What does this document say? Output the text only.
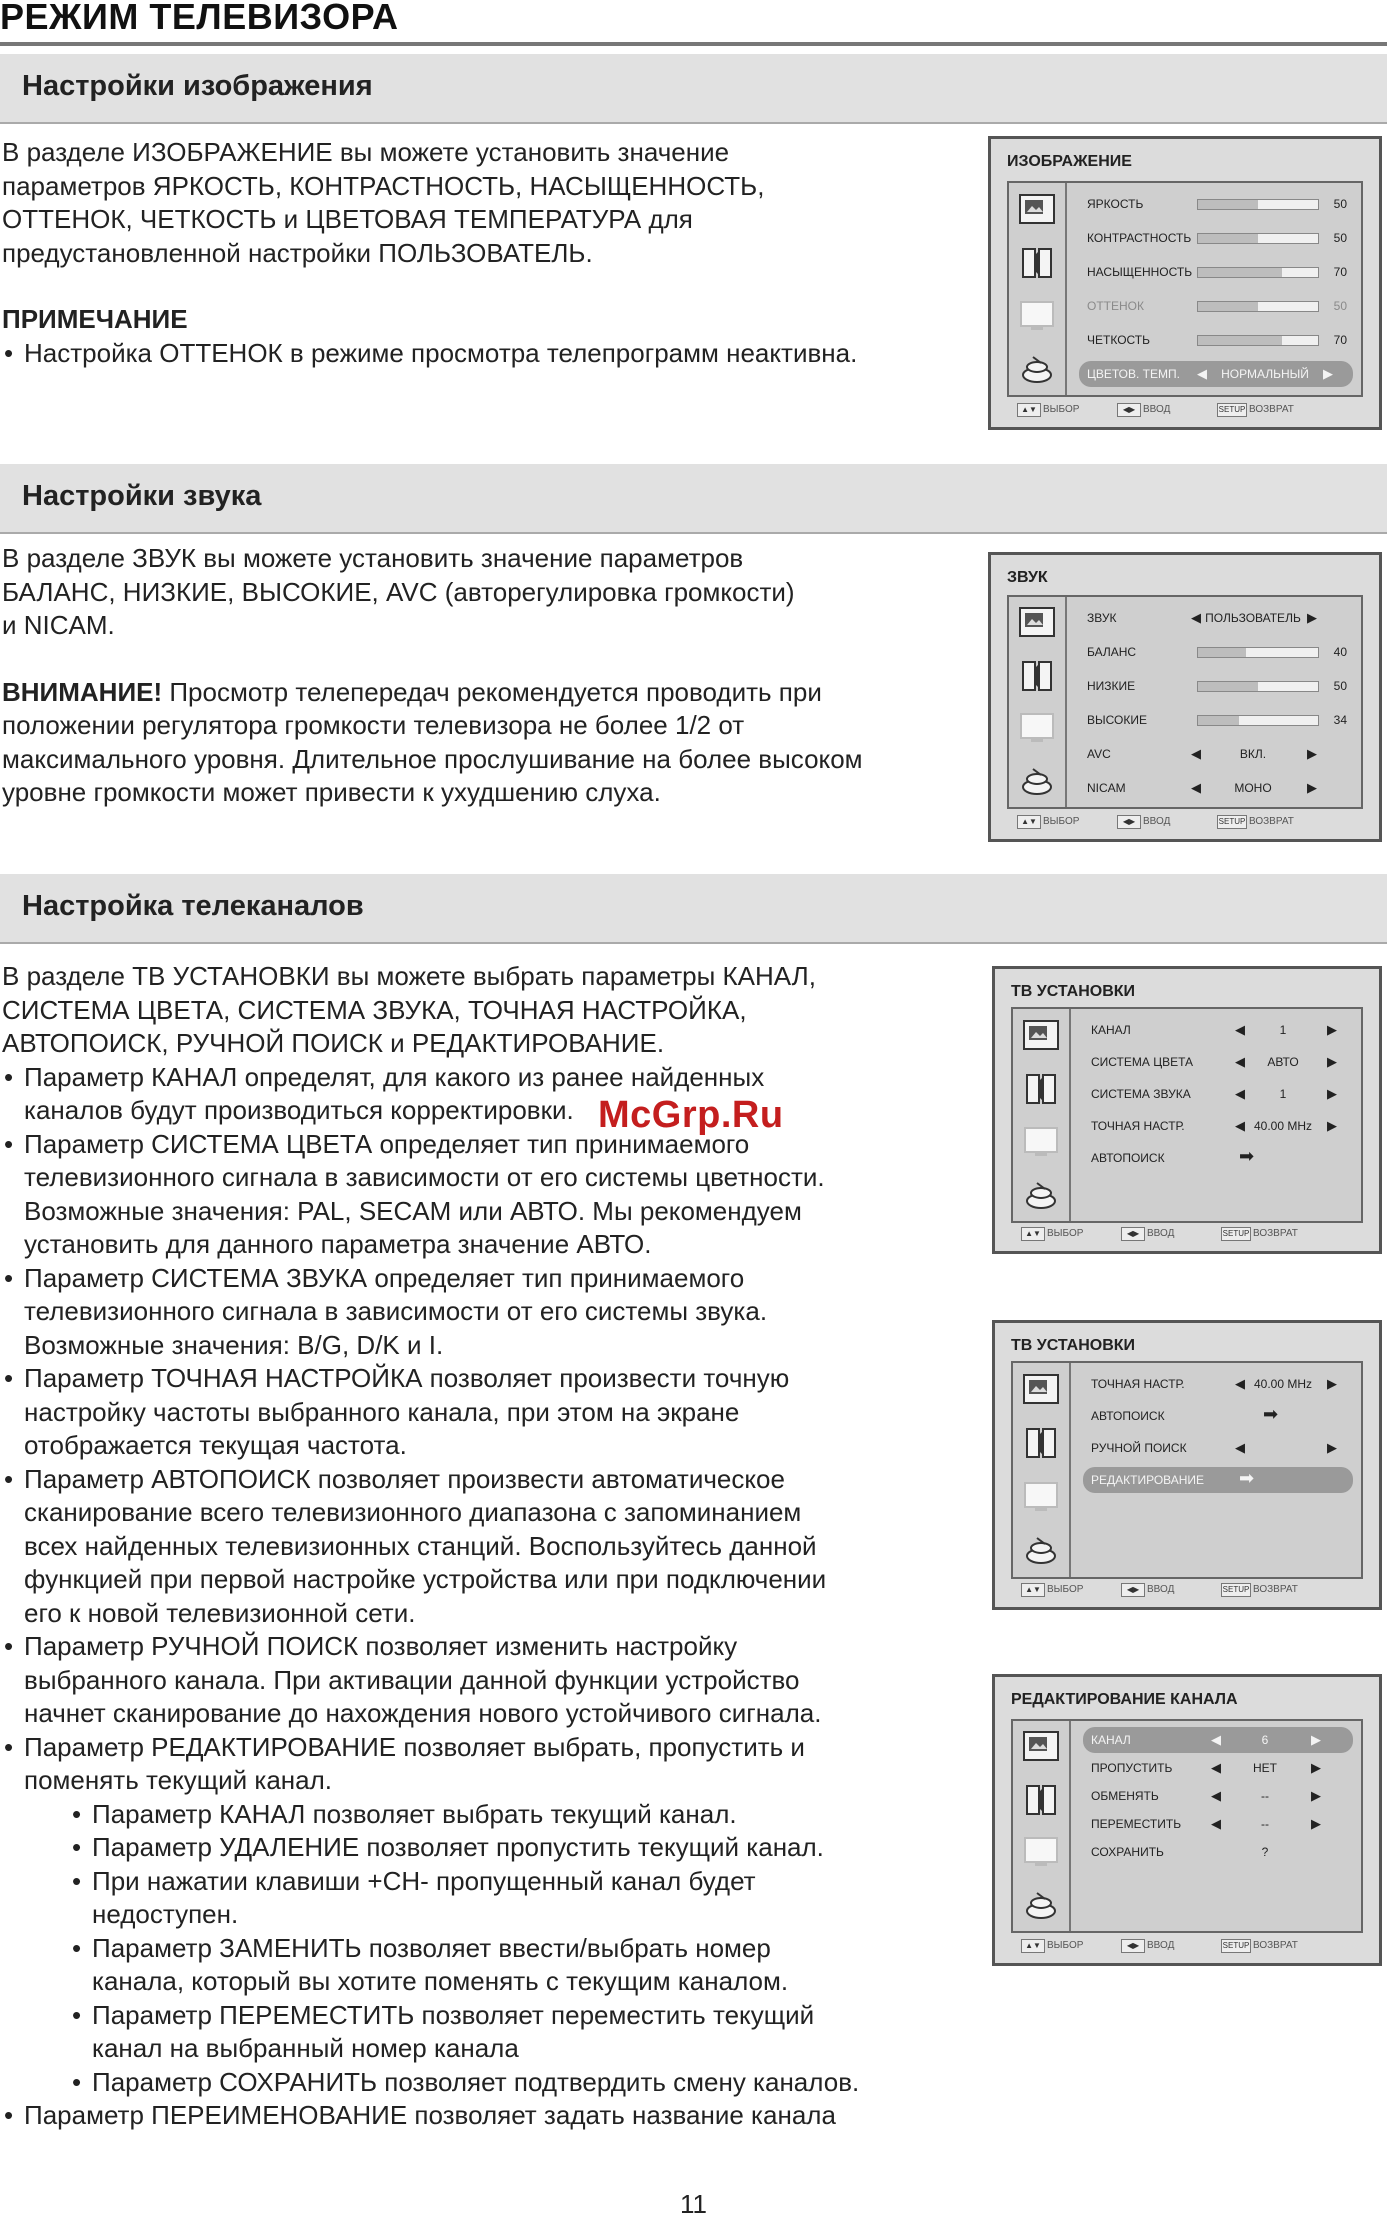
РЕЖИМ ТЕЛЕВИЗОРА
Настройки изображения

В разделе ИЗОБРАЖЕНИЕ вы можете установить значение

параметров ЯРКОСТЬ, КОНТРАСТНОСТЬ, НАСЫЩЕННОСТЬ,

ОТТЕНОК, ЧЕТКОСТЬ и ЦВЕТОВАЯ ТЕМПЕРАТУРА для

предустановленной настройки ПОЛЬЗОВАТЕЛЬ.

ПРИМЕЧАНИЕ

• Настройка ОТТЕНОК в режиме просмотра телепрограмм неактивна.

Настройки звука

В разделе ЗВУК вы можете установить значение параметров

БАЛАНС, НИЗКИЕ, ВЫСОКИЕ, AVC (авторегулировка громкости)

и NICAM.

ВНИМАНИЕ! Просмотр телепередач рекомендуется проводить при

положении регулятора громкости телевизора не более 1/2 от

максимального уровня. Длительное прослушивание на более высоком

уровне громкости может привести к ухудшению слуха.

Настройка телеканалов

В разделе ТВ УСТАНОВКИ вы можете выбрать параметры КАНАЛ,

СИСТЕМА ЦВЕТА, СИСТЕМА ЗВУКА, ТОЧНАЯ НАСТРОЙКА,

АВТОПОИСК, РУЧНОЙ ПОИСК и РЕДАКТИРОВАНИЕ.

• Параметр КАНАЛ определят, для какого из ранее найденных

каналов будут производиться корректировки.

• Параметр СИСТЕМА ЦВЕТА определяет тип принимаемого

телевизионного сигнала в зависимости от его системы цветности.

Возможные значения: PAL, SECAM или АВТО. Мы рекомендуем

установить для данного параметра значение АВТО.

• Параметр СИСТЕМА ЗВУКА определяет тип принимаемого

телевизионного сигнала в зависимости от его системы звука.

Возможные значения: B/G, D/K и I.

• Параметр ТОЧНАЯ НАСТРОЙКА позволяет произвести точную

настройку частоты выбранного канала, при этом на экране

отображается текущая частота.

• Параметр АВТОПОИСК позволяет произвести автоматическое

сканирование всего телевизионного диапазона с запоминанием

всех найденных телевизионных станций. Воспользуйтесь данной

функцией при первой настройке устройства или при подключении

его к новой телевизионной сети.

• Параметр РУЧНОЙ ПОИСК позволяет изменить настройку

выбранного канала. При активации данной функции устройство

начнет сканирование до нахождения нового устойчивого сигнала.

• Параметр РЕДАКТИРОВАНИЕ позволяет выбрать, пропустить и

поменять текущий канал.

• Параметр КАНАЛ позволяет выбрать текущий канал.

• Параметр УДАЛЕНИЕ позволяет пропустить текущий канал.

• При нажатии клавиши +CH- пропущенный канал будет

недоступен.

• Параметр ЗАМЕНИТЬ позволяет ввести/выбрать номер

канала, который вы хотите поменять с текущим каналом.

• Параметр ПЕРЕМЕСТИТЬ позволяет переместить текущий

канал на выбранный номер канала

• Параметр СОХРАНИТЬ позволяет подтвердить смену каналов.

• Параметр ПЕРЕИМЕНОВАНИЕ позволяет задать название канала

McGrp.Ru
11
ИЗОБРАЖЕНИЕ
ЯРКОСТЬ	50
КОНТРАСТНОСТЬ	50
НАСЫЩЕННОСТЬ	70
ОТТЕНОК	50
ЧЕТКОСТЬ	70
ЦВЕТОВ. ТЕМП. ◀	НОРМАЛЬНЫЙ	▶
▲▼ ВЫБОР	◀▶ ВВОД	SETUP ВОЗВРАТ
ЗВУК
ЗВУК	◀ ПОЛЬЗОВАТЕЛЬ ▶
БАЛАНС	40
НИЗКИЕ	50
ВЫСОКИЕ	34
AVC	◀	ВКЛ.	▶
NICAM	◀	МОНО	▶
▲▼ ВЫБОР	◀▶ ВВОД	SETUP ВОЗВРАТ
ТВ УСТАНОВКИ
КАНАЛ	◀	1	▶
СИСТЕМА ЦВЕТА	◀	АВТО	▶
СИСТЕМА ЗВУКА	◀	1	▶
ТОЧНАЯ НАСТР.	◀ 40.00 MHz	▶
АВТОПОИСК	➡
▲▼ ВЫБОР	◀▶ ВВОД	SETUP ВОЗВРАТ
ТВ УСТАНОВКИ
ТОЧНАЯ НАСТР.	◀ 40.00 MHz	▶
АВТОПОИСК	➡
РУЧНОЙ ПОИСК	◀	▶
РЕДАКТИРОВАНИЕ ➡
▲▼ ВЫБОР	◀▶ ВВОД	SETUP ВОЗВРАТ
РЕДАКТИРОВАНИЕ КАНАЛА
КАНАЛ	◀	6	▶
ПРОПУСТИТЬ	◀	НЕТ	▶
ОБМЕНЯТЬ	◀	--	▶
ПЕРЕМЕСТИТЬ ◀	--	▶
СОХРАНИТЬ	?
▲▼ ВЫБОР	◀▶ ВВОД	SETUP ВОЗВРАТ
